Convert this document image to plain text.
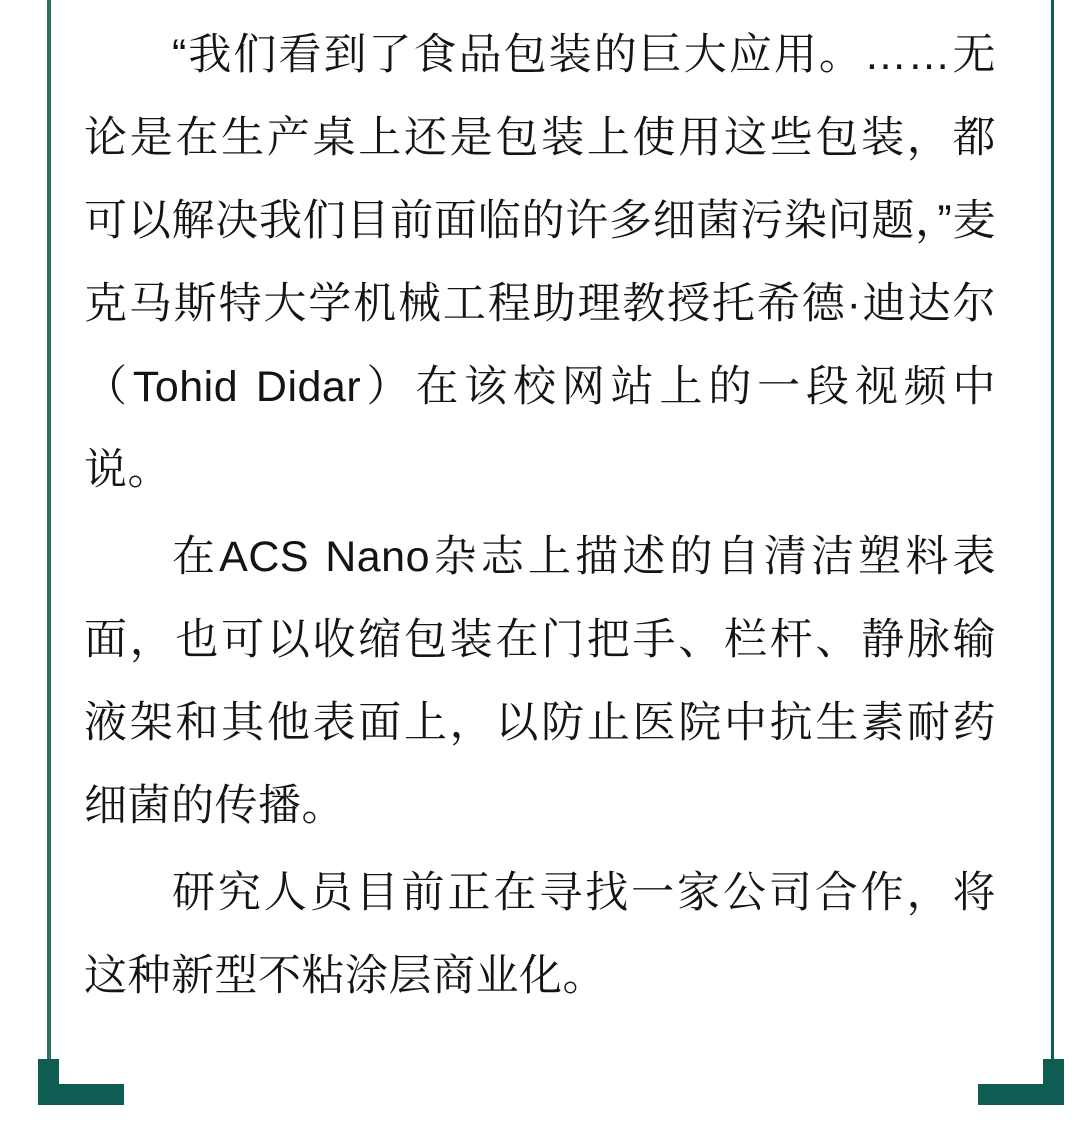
“我们看到了食品包装的巨大应用。……无论是在生产桌上还是包装上使用这些包装，都可以解决我们目前面临的许多细菌污染问题，”麦克马斯特大学机械工程助理教授托希德·迪达尔（Tohid Didar）在该校网站上的一段视频中说。

在ACS Nano杂志上描述的自清洁塑料表面，也可以收缩包装在门把手、栏杆、静脉输液架和其他表面上，以防止医院中抗生素耐药细菌的传播。

研究人员目前正在寻找一家公司合作，将这种新型不粘涂层商业化。
